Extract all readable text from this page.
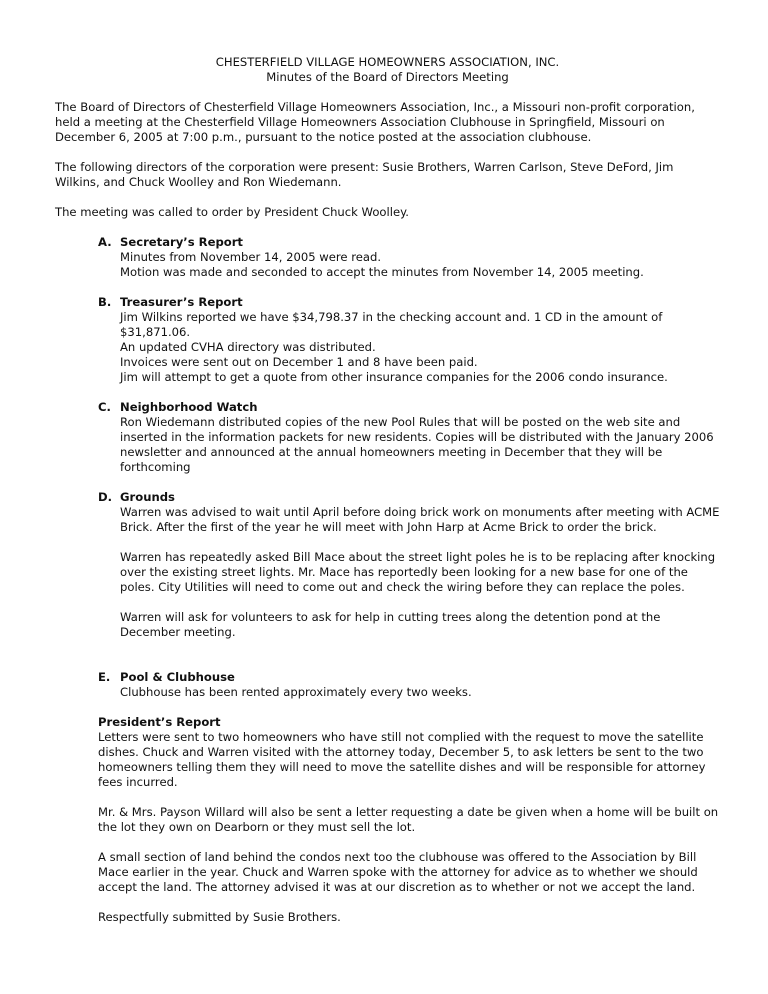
CHESTERFIELD VILLAGE HOMEOWNERS ASSOCIATION, INC.

Minutes of the Board of Directors Meeting

The Board of Directors of Chesterfield Village Homeowners Association, Inc., a Missouri non-profit corporation, held a meeting at the Chesterfield Village Homeowners Association Clubhouse in Springfield, Missouri on December 6, 2005 at 7:00 p.m., pursuant to the notice posted at the association clubhouse.

The following directors of the corporation were present: Susie Brothers, Warren Carlson, Steve DeFord, Jim Wilkins, and Chuck Woolley and Ron Wiedemann.

The meeting was called to order by President Chuck Woolley.

A. Secretary’s Report

Minutes from November 14, 2005 were read.

Motion was made and seconded to accept the minutes from November 14, 2005 meeting.

B. Treasurer’s Report

Jim Wilkins reported we have $34,798.37 in the checking account and. 1 CD in the amount of $31,871.06.

An updated CVHA directory was distributed.

Invoices were sent out on December 1 and 8 have been paid.

Jim will attempt to get a quote from other insurance companies for the 2006 condo insurance.

C. Neighborhood Watch

Ron Wiedemann distributed copies of the new Pool Rules that will be posted on the web site and inserted in the information packets for new residents. Copies will be distributed with the January 2006 newsletter and announced at the annual homeowners meeting in December that they will be forthcoming

D. Grounds

Warren was advised to wait until April before doing brick work on monuments after meeting with ACME Brick. After the first of the year he will meet with John Harp at Acme Brick to order the brick.

Warren has repeatedly asked Bill Mace about the street light poles he is to be replacing after knocking over the existing street lights. Mr. Mace has reportedly been looking for a new base for one of the poles. City Utilities will need to come out and check the wiring before they can replace the poles.

Warren will ask for volunteers to ask for help in cutting trees along the detention pond at the December meeting.

E. Pool & Clubhouse

Clubhouse has been rented approximately every two weeks.

President’s Report

Letters were sent to two homeowners who have still not complied with the request to move the satellite dishes. Chuck and Warren visited with the attorney today, December 5, to ask letters be sent to the two homeowners telling them they will need to move the satellite dishes and will be responsible for attorney fees incurred.

Mr. & Mrs. Payson Willard will also be sent a letter requesting a date be given when a home will be built on the lot they own on Dearborn or they must sell the lot.

A small section of land behind the condos next too the clubhouse was offered to the Association by Bill Mace earlier in the year. Chuck and Warren spoke with the attorney for advice as to whether we should accept the land. The attorney advised it was at our discretion as to whether or not we accept the land.

Respectfully submitted by Susie Brothers.
